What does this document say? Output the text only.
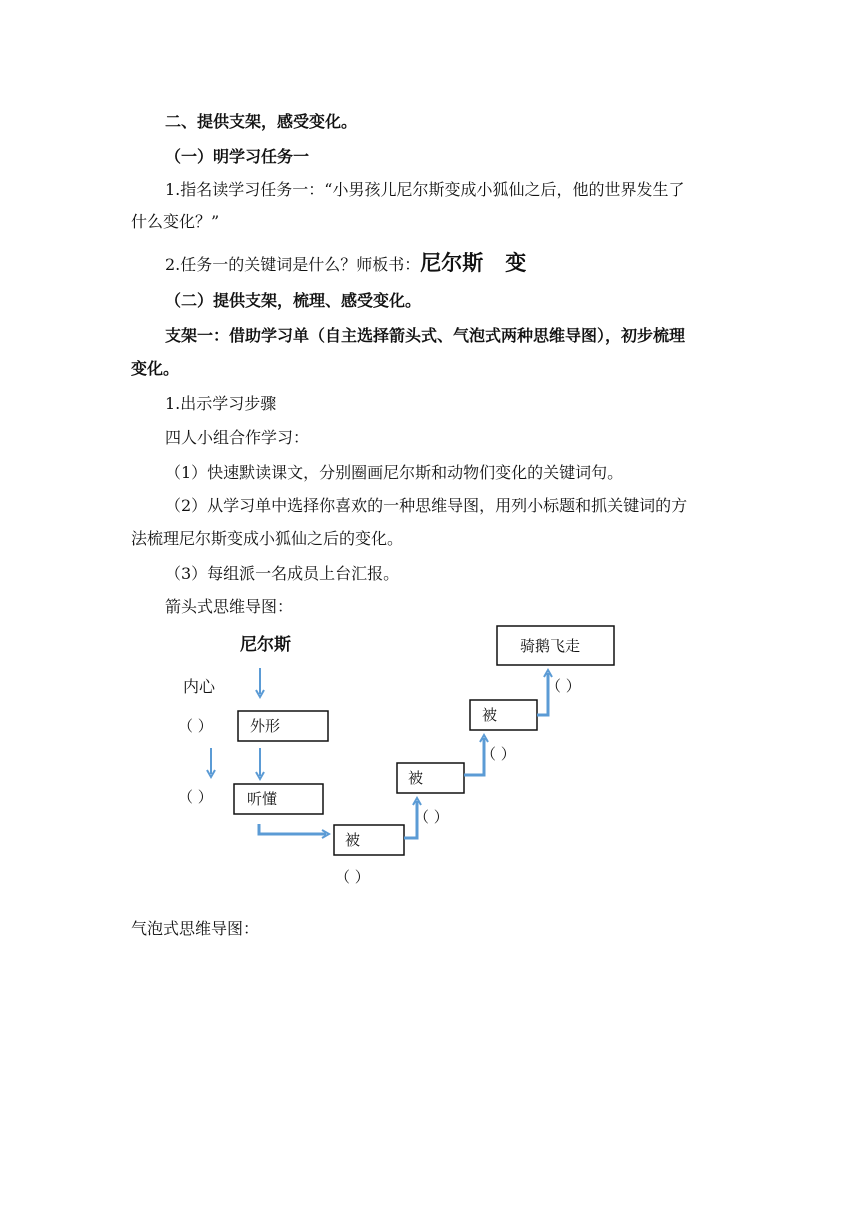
二、提供支架，感受变化。
（一）明学习任务一
1.指名读学习任务一：“小男孩儿尼尔斯变成小狐仙之后，他的世界发生了
什么变化？”
2.任务一的关键词是什么？师板书：尼尔斯 变
（二）提供支架，梳理、感受变化。
支架一：借助学习单（自主选择箭头式、气泡式两种思维导图），初步梳理
变化。
1.出示学习步骤
四人小组合作学习：
（1）快速默读课文，分别圈画尼尔斯和动物们变化的关键词句。
（2）从学习单中选择你喜欢的一种思维导图，用列小标题和抓关键词的方
法梳理尼尔斯变成小狐仙之后的变化。
（3）每组派一名成员上台汇报。
箭头式思维导图：
气泡式思维导图：
尼尔斯
内心
外形
听懂
被
被
被
骑鹅飞走
（ ）
（ ）
（ ）
（ ）
（ ）
（ ）
